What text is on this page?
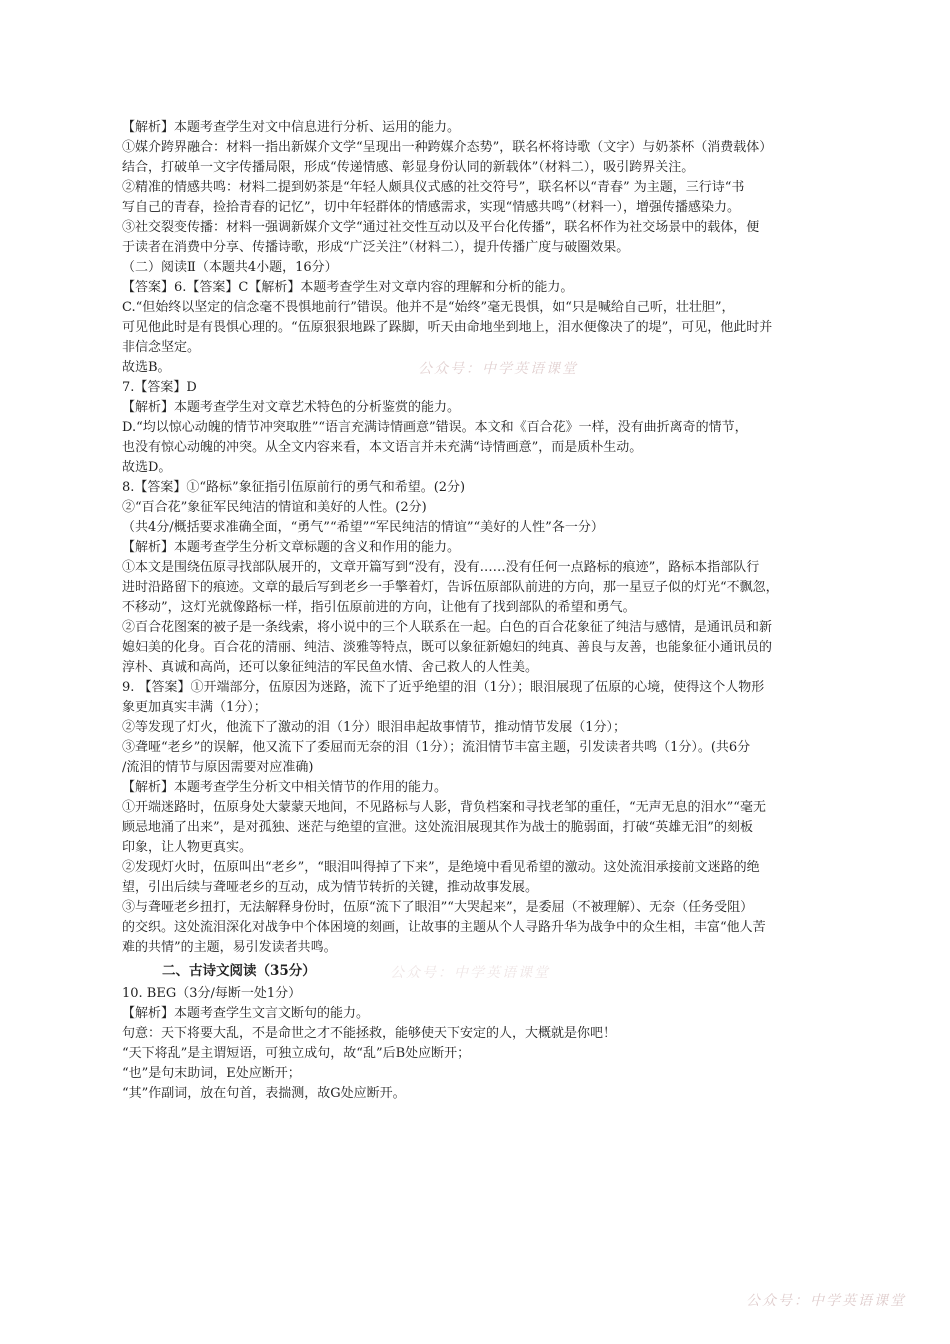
【解析】本题考查学生对文中信息进行分析、运用的能力。
①媒介跨界融合：材料一指出新媒介文学“呈现出一种跨媒介态势”，联名杯将诗歌（文字）与奶茶杯（消费载体）
结合，打破单一文字传播局限，形成“传递情感、彰显身份认同的新载体”（材料二），吸引跨界关注。
②精准的情感共鸣：材料二提到奶茶是“年轻人颇具仪式感的社交符号”，联名杯以“青春” 为主题，三行诗“书
写自己的青春，捡拾青春的记忆”，切中年轻群体的情感需求，实现“情感共鸣”（材料一），增强传播感染力。
③社交裂变传播：材料一强调新媒介文学“通过社交性互动以及平台化传播”，联名杯作为社交场景中的载体，便
于读者在消费中分享、传播诗歌，形成“广泛关注”（材料二），提升传播广度与破圈效果。
（二）阅读Ⅱ（本题共4小题，16分）
【答案】6.【答案】C【解析】本题考查学生对文章内容的理解和分析的能力。
C.“但始终以坚定的信念毫不畏惧地前行”错误。他并不是“始终”毫无畏惧，如“只是喊给自己听，壮壮胆”，
可见他此时是有畏惧心理的。“伍原狠狠地跺了跺脚，听天由命地坐到地上，泪水便像决了的堤”，可见，他此时并
非信念坚定。
故选B。
7.【答案】D
【解析】本题考查学生对文章艺术特色的分析鉴赏的能力。
D.“均以惊心动魄的情节冲突取胜”“语言充满诗情画意”错误。本文和《百合花》一样，没有曲折离奇的情节，
也没有惊心动魄的冲突。从全文内容来看，本文语言并未充满“诗情画意”，而是质朴生动。
故选D。
8.【答案】①“路标”象征指引伍原前行的勇气和希望。(2分)
②“百合花”象征军民纯洁的情谊和美好的人性。(2分)
（共4分/概括要求准确全面，“勇气”“希望”“军民纯洁的情谊”“美好的人性”各一分）
【解析】本题考查学生分析文章标题的含义和作用的能力。
①本文是围绕伍原寻找部队展开的，文章开篇写到“没有，没有……没有任何一点路标的痕迹”，路标本指部队行
进时沿路留下的痕迹。文章的最后写到老乡一手擎着灯，告诉伍原部队前进的方向，那一星豆子似的灯光“不飘忽，
不移动”，这灯光就像路标一样，指引伍原前进的方向，让他有了找到部队的希望和勇气。
②百合花图案的被子是一条线索，将小说中的三个人联系在一起。白色的百合花象征了纯洁与感情，是通讯员和新
媳妇美的化身。百合花的清丽、纯洁、淡雅等特点，既可以象征新媳妇的纯真、善良与友善，也能象征小通讯员的
淳朴、真诚和高尚，还可以象征纯洁的军民鱼水情、舍己救人的人性美。
9. 【答案】①开端部分，伍原因为迷路，流下了近乎绝望的泪（1分）；眼泪展现了伍原的心境，使得这个人物形
象更加真实丰满（1分）；
②等发现了灯火，他流下了激动的泪（1分）眼泪串起故事情节，推动情节发展（1分）；
③聋哑“老乡”的误解，他又流下了委屈而无奈的泪（1分）；流泪情节丰富主题，引发读者共鸣（1分）。(共6分
/流泪的情节与原因需要对应准确)
【解析】本题考查学生分析文中相关情节的作用的能力。
①开端迷路时，伍原身处大蒙蒙天地间，不见路标与人影，背负档案和寻找老邹的重任，“无声无息的泪水”“毫无
顾忌地涌了出来”，是对孤独、迷茫与绝望的宣泄。这处流泪展现其作为战士的脆弱面，打破“英雄无泪”的刻板
印象，让人物更真实。
②发现灯火时，伍原叫出“老乡”，“眼泪叫得掉了下来”，是绝境中看见希望的激动。这处流泪承接前文迷路的绝
望，引出后续与聋哑老乡的互动，成为情节转折的关键，推动故事发展。
③与聋哑老乡扭打，无法解释身份时，伍原“流下了眼泪”“大哭起来”，是委屈（不被理解）、无奈（任务受阻）
的交织。这处流泪深化对战争中个体困境的刻画，让故事的主题从个人寻路升华为战争中的众生相，丰富“他人苦
难的共情”的主题，易引发读者共鸣。
二、古诗文阅读（35分）
10. BEG（3分/每断一处1分）
【解析】本题考查学生文言文断句的能力。
句意：天下将要大乱，不是命世之才不能拯救，能够使天下安定的人，大概就是你吧！
“天下将乱”是主谓短语，可独立成句，故“乱”后B处应断开；
“也”是句末助词，E处应断开；
“其”作副词，放在句首，表揣测，故G处应断开。
公众号：中学英语课堂
公众号：中学英语课堂
公众号：中学英语课堂
